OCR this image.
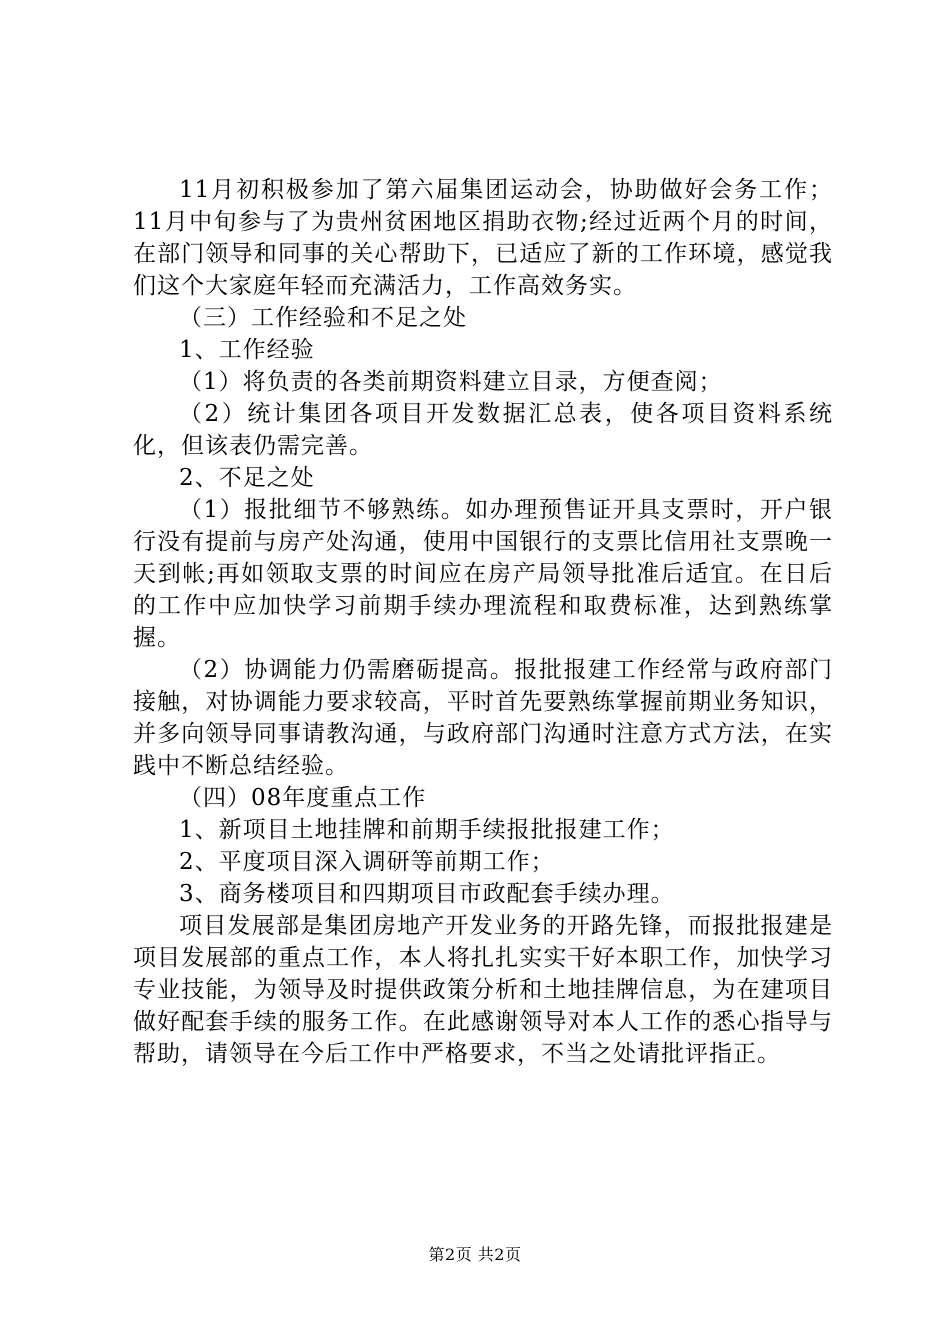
11月初积极参加了第六届集团运动会，协助做好会务工作；11月中旬参与了为贵州贫困地区捐助衣物;经过近两个月的时间，在部门领导和同事的关心帮助下，已适应了新的工作环境，感觉我们这个大家庭年轻而充满活力，工作高效务实。

（三）工作经验和不足之处

1、工作经验

（1）将负责的各类前期资料建立目录，方便查阅；

（2）统计集团各项目开发数据汇总表，使各项目资料系统化，但该表仍需完善。

2、不足之处

（1）报批细节不够熟练。如办理预售证开具支票时，开户银行没有提前与房产处沟通，使用中国银行的支票比信用社支票晚一天到帐;再如领取支票的时间应在房产局领导批准后适宜。在日后的工作中应加快学习前期手续办理流程和取费标准，达到熟练掌握。

（2）协调能力仍需磨砺提高。报批报建工作经常与政府部门接触，对协调能力要求较高，平时首先要熟练掌握前期业务知识，并多向领导同事请教沟通，与政府部门沟通时注意方式方法，在实践中不断总结经验。

（四）08年度重点工作

1、新项目土地挂牌和前期手续报批报建工作；

2、平度项目深入调研等前期工作；

3、商务楼项目和四期项目市政配套手续办理。

项目发展部是集团房地产开发业务的开路先锋，而报批报建是项目发展部的重点工作，本人将扎扎实实干好本职工作，加快学习专业技能，为领导及时提供政策分析和土地挂牌信息，为在建项目做好配套手续的服务工作。在此感谢领导对本人工作的悉心指导与帮助，请领导在今后工作中严格要求，不当之处请批评指正。

第2页 共2页
